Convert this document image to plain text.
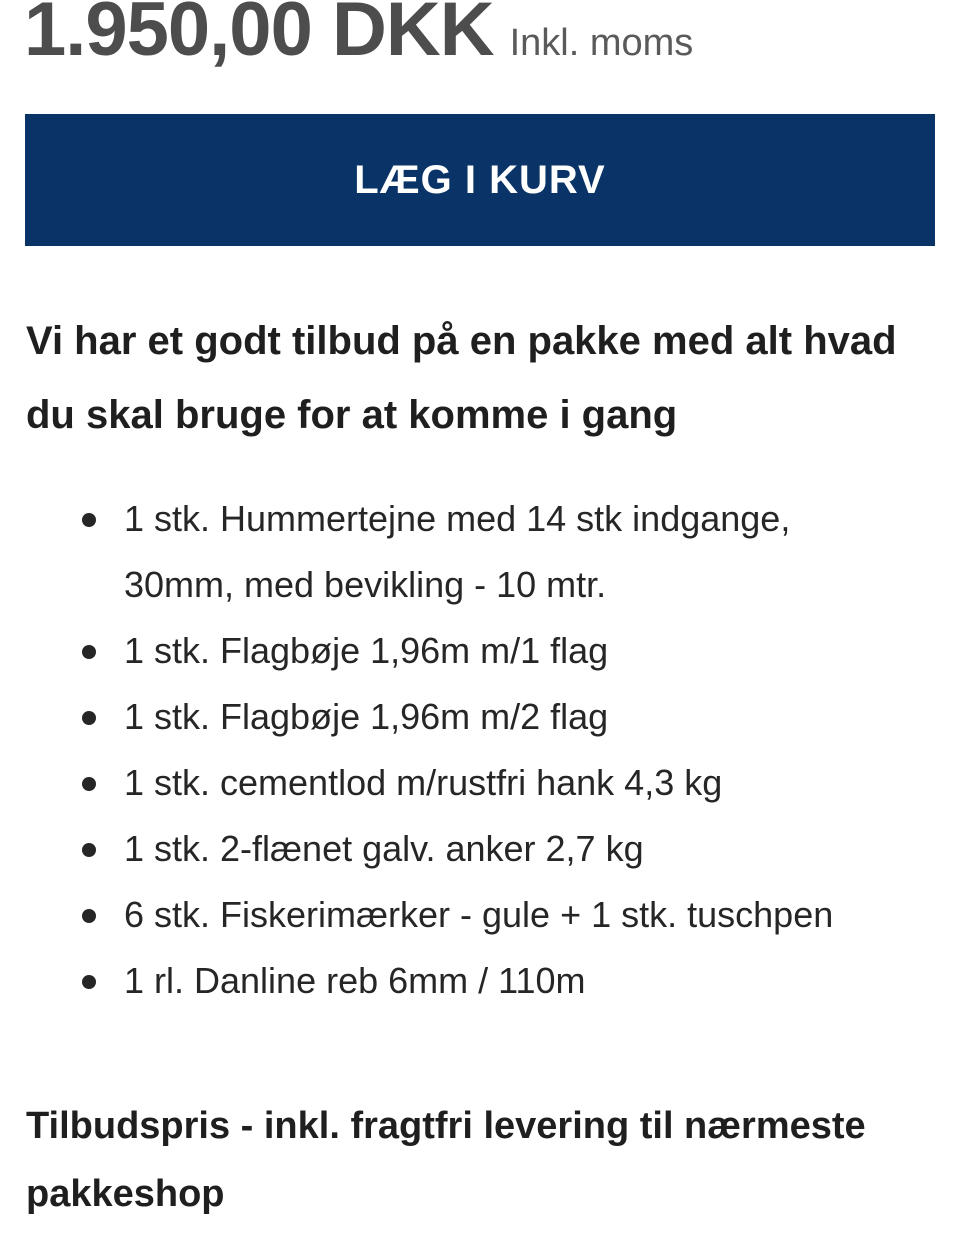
1.950,00 DKK Inkl. moms
LÆG I KURV

Vi har et godt tilbud på en pakke med alt hvad du skal bruge for at komme i gang

1 stk. Hummertejne med 14 stk indgange, 30mm, med bevikling - 10 mtr.
1 stk. Flagbøje 1,96m m/1 flag
1 stk. Flagbøje 1,96m m/2 flag
1 stk. cementlod m/rustfri hank 4,3 kg
1 stk. 2-flænet galv. anker 2,7 kg
6 stk. Fiskerimærker - gule + 1 stk. tuschpen
1 rl. Danline reb 6mm / 110m

Tilbudspris - inkl. fragtfri levering til nærmeste pakkeshop
